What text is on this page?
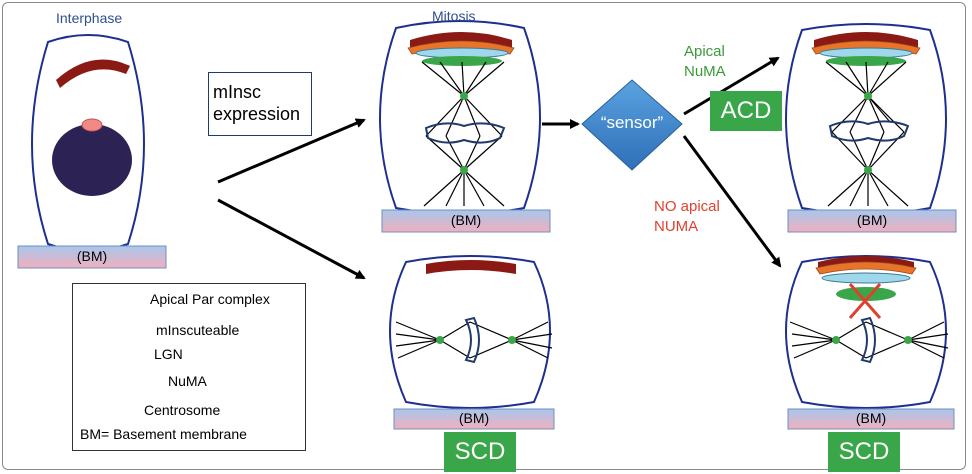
Interphase	Mitosis
mInsc
expression	“sensor”
Apical
NuMA
NO apical
NUMA
ACD
SCD	SCD
(BM)
(BM)
(BM)
(BM)
(BM)
Apical Par complex
mInscuteable
LGN
NuMA
Centrosome
BM= Basement membrane
